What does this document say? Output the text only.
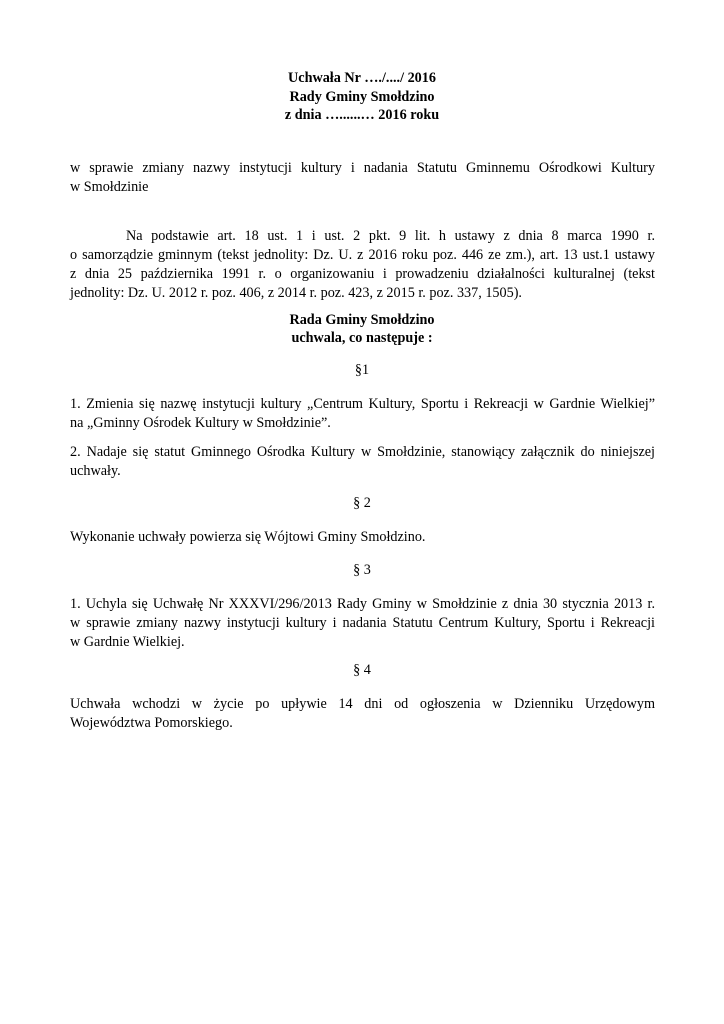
Uchwała Nr …./..../ 2016
Rady Gminy Smołdzino
z dnia …......… 2016 roku
w sprawie zmiany nazwy instytucji kultury i nadania Statutu Gminnemu Ośrodkowi Kultury
w Smołdzinie
Na podstawie art. 18 ust. 1 i ust. 2 pkt. 9 lit. h ustawy z dnia 8 marca 1990 r.
o samorządzie gminnym (tekst jednolity: Dz. U. z 2016 roku poz. 446 ze zm.), art. 13 ust.1 ustawy
z dnia 25 października 1991 r. o organizowaniu i prowadzeniu działalności kulturalnej (tekst
jednolity: Dz. U. 2012 r. poz. 406, z 2014 r. poz. 423, z 2015 r. poz. 337, 1505).
Rada Gminy Smołdzino
uchwala, co następuje :
§1
1. Zmienia się nazwę instytucji kultury „Centrum Kultury, Sportu i Rekreacji w Gardnie Wielkiej”
na „Gminny Ośrodek Kultury w Smołdzinie”.
2. Nadaje się statut Gminnego Ośrodka Kultury w Smołdzinie, stanowiący załącznik do niniejszej
uchwały.
§ 2
Wykonanie uchwały powierza się Wójtowi Gminy Smołdzino.
§ 3
1. Uchyla się Uchwałę Nr XXXVI/296/2013 Rady Gminy w Smołdzinie z dnia 30 stycznia 2013 r.
w sprawie zmiany nazwy instytucji kultury i nadania Statutu Centrum Kultury, Sportu i Rekreacji
w Gardnie Wielkiej.
§ 4
Uchwała wchodzi w życie po upływie 14 dni od ogłoszenia w Dzienniku Urzędowym
Województwa Pomorskiego.
